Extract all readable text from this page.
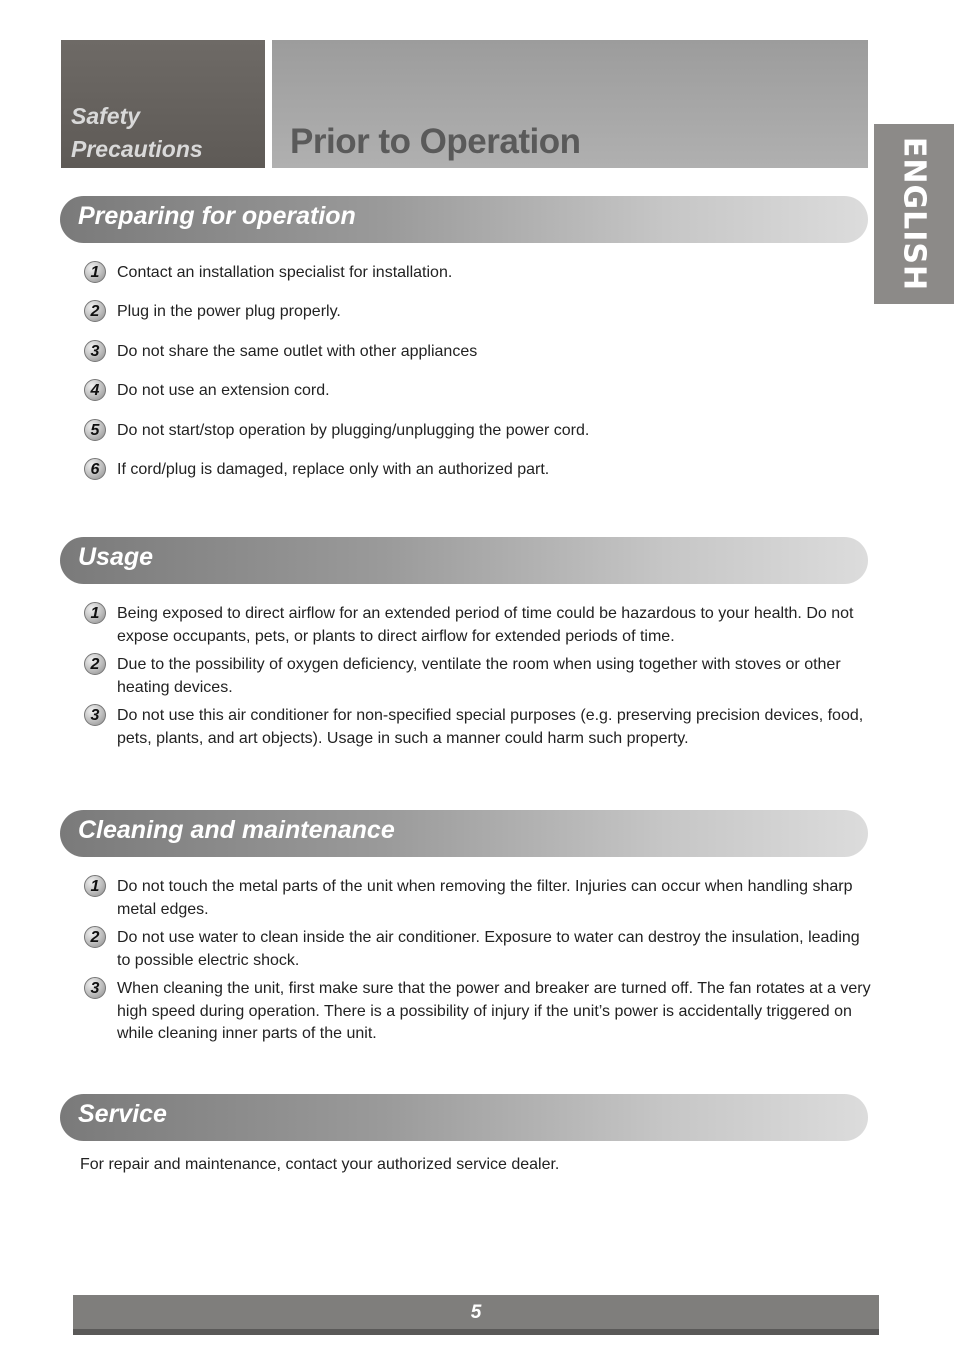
Safety
Precautions Prior to Operation	ENGLISH
Preparing for operation
1	Contact an installation specialist for installation.
2	Plug in the power plug properly.
3	Do not share the same outlet with other appliances
4	Do not use an extension cord.
5	Do not start/stop operation by plugging/unplugging the power cord.
6	If cord/plug is damaged, replace only with an authorized part.
Usage
1	Being exposed to direct airflow for an extended period of time could be hazardous to your health. Do not expose occupants, pets, or plants to direct airflow for extended periods of time.
2	Due to the possibility of oxygen deficiency, ventilate the room when using together with stoves or other heating devices.
3	Do not use this air conditioner for non-specified special purposes (e.g. preserving precision devices, food, pets, plants, and art objects). Usage in such a manner could harm such property.
Cleaning and maintenance
1	Do not touch the metal parts of the unit when removing the filter. Injuries can occur when handling sharp metal edges.
2	Do not use water to clean inside the air conditioner. Exposure to water can destroy the insulation, leading to possible electric shock.
3	When cleaning the unit, first make sure that the power and breaker are turned off. The fan rotates at a very high speed during operation. There is a possibility of injury if the unit’s power is accidentally triggered on while cleaning inner parts of the unit.
Service
For repair and maintenance, contact your authorized service dealer.
5
